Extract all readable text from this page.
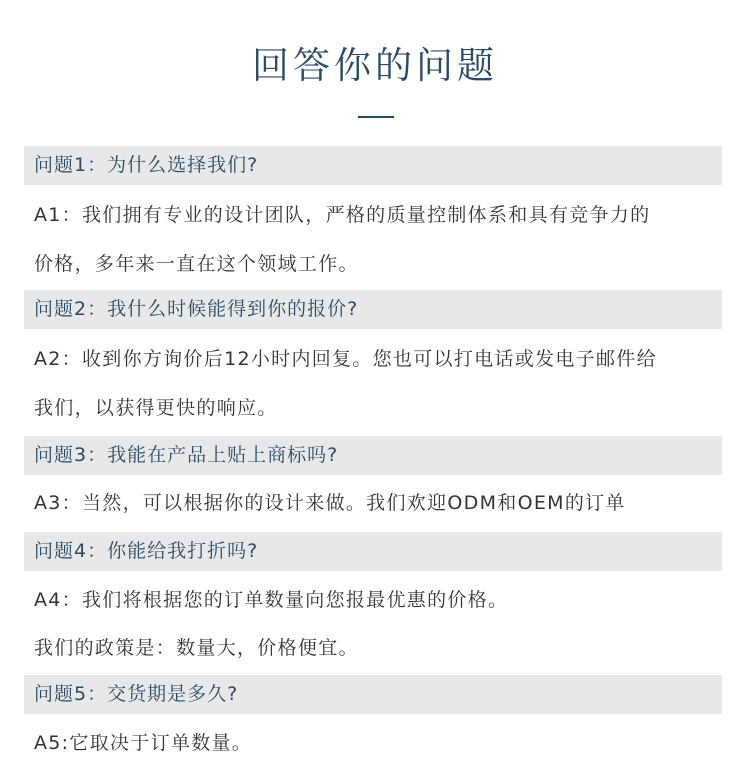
回答你的问题
问题1：为什么选择我们?
A1：我们拥有专业的设计团队，严格的质量控制体系和具有竞争力的
价格，多年来一直在这个领域工作。
问题2：我什么时候能得到你的报价?
A2：收到你方询价后12小时内回复。您也可以打电话或发电子邮件给
我们，以获得更快的响应。
问题3：我能在产品上贴上商标吗?
A3：当然，可以根据你的设计来做。我们欢迎ODM和OEM的订单
问题4：你能给我打折吗?
A4：我们将根据您的订单数量向您报最优惠的价格。
我们的政策是：数量大，价格便宜。
问题5：交货期是多久?
A5:它取决于订单数量。
